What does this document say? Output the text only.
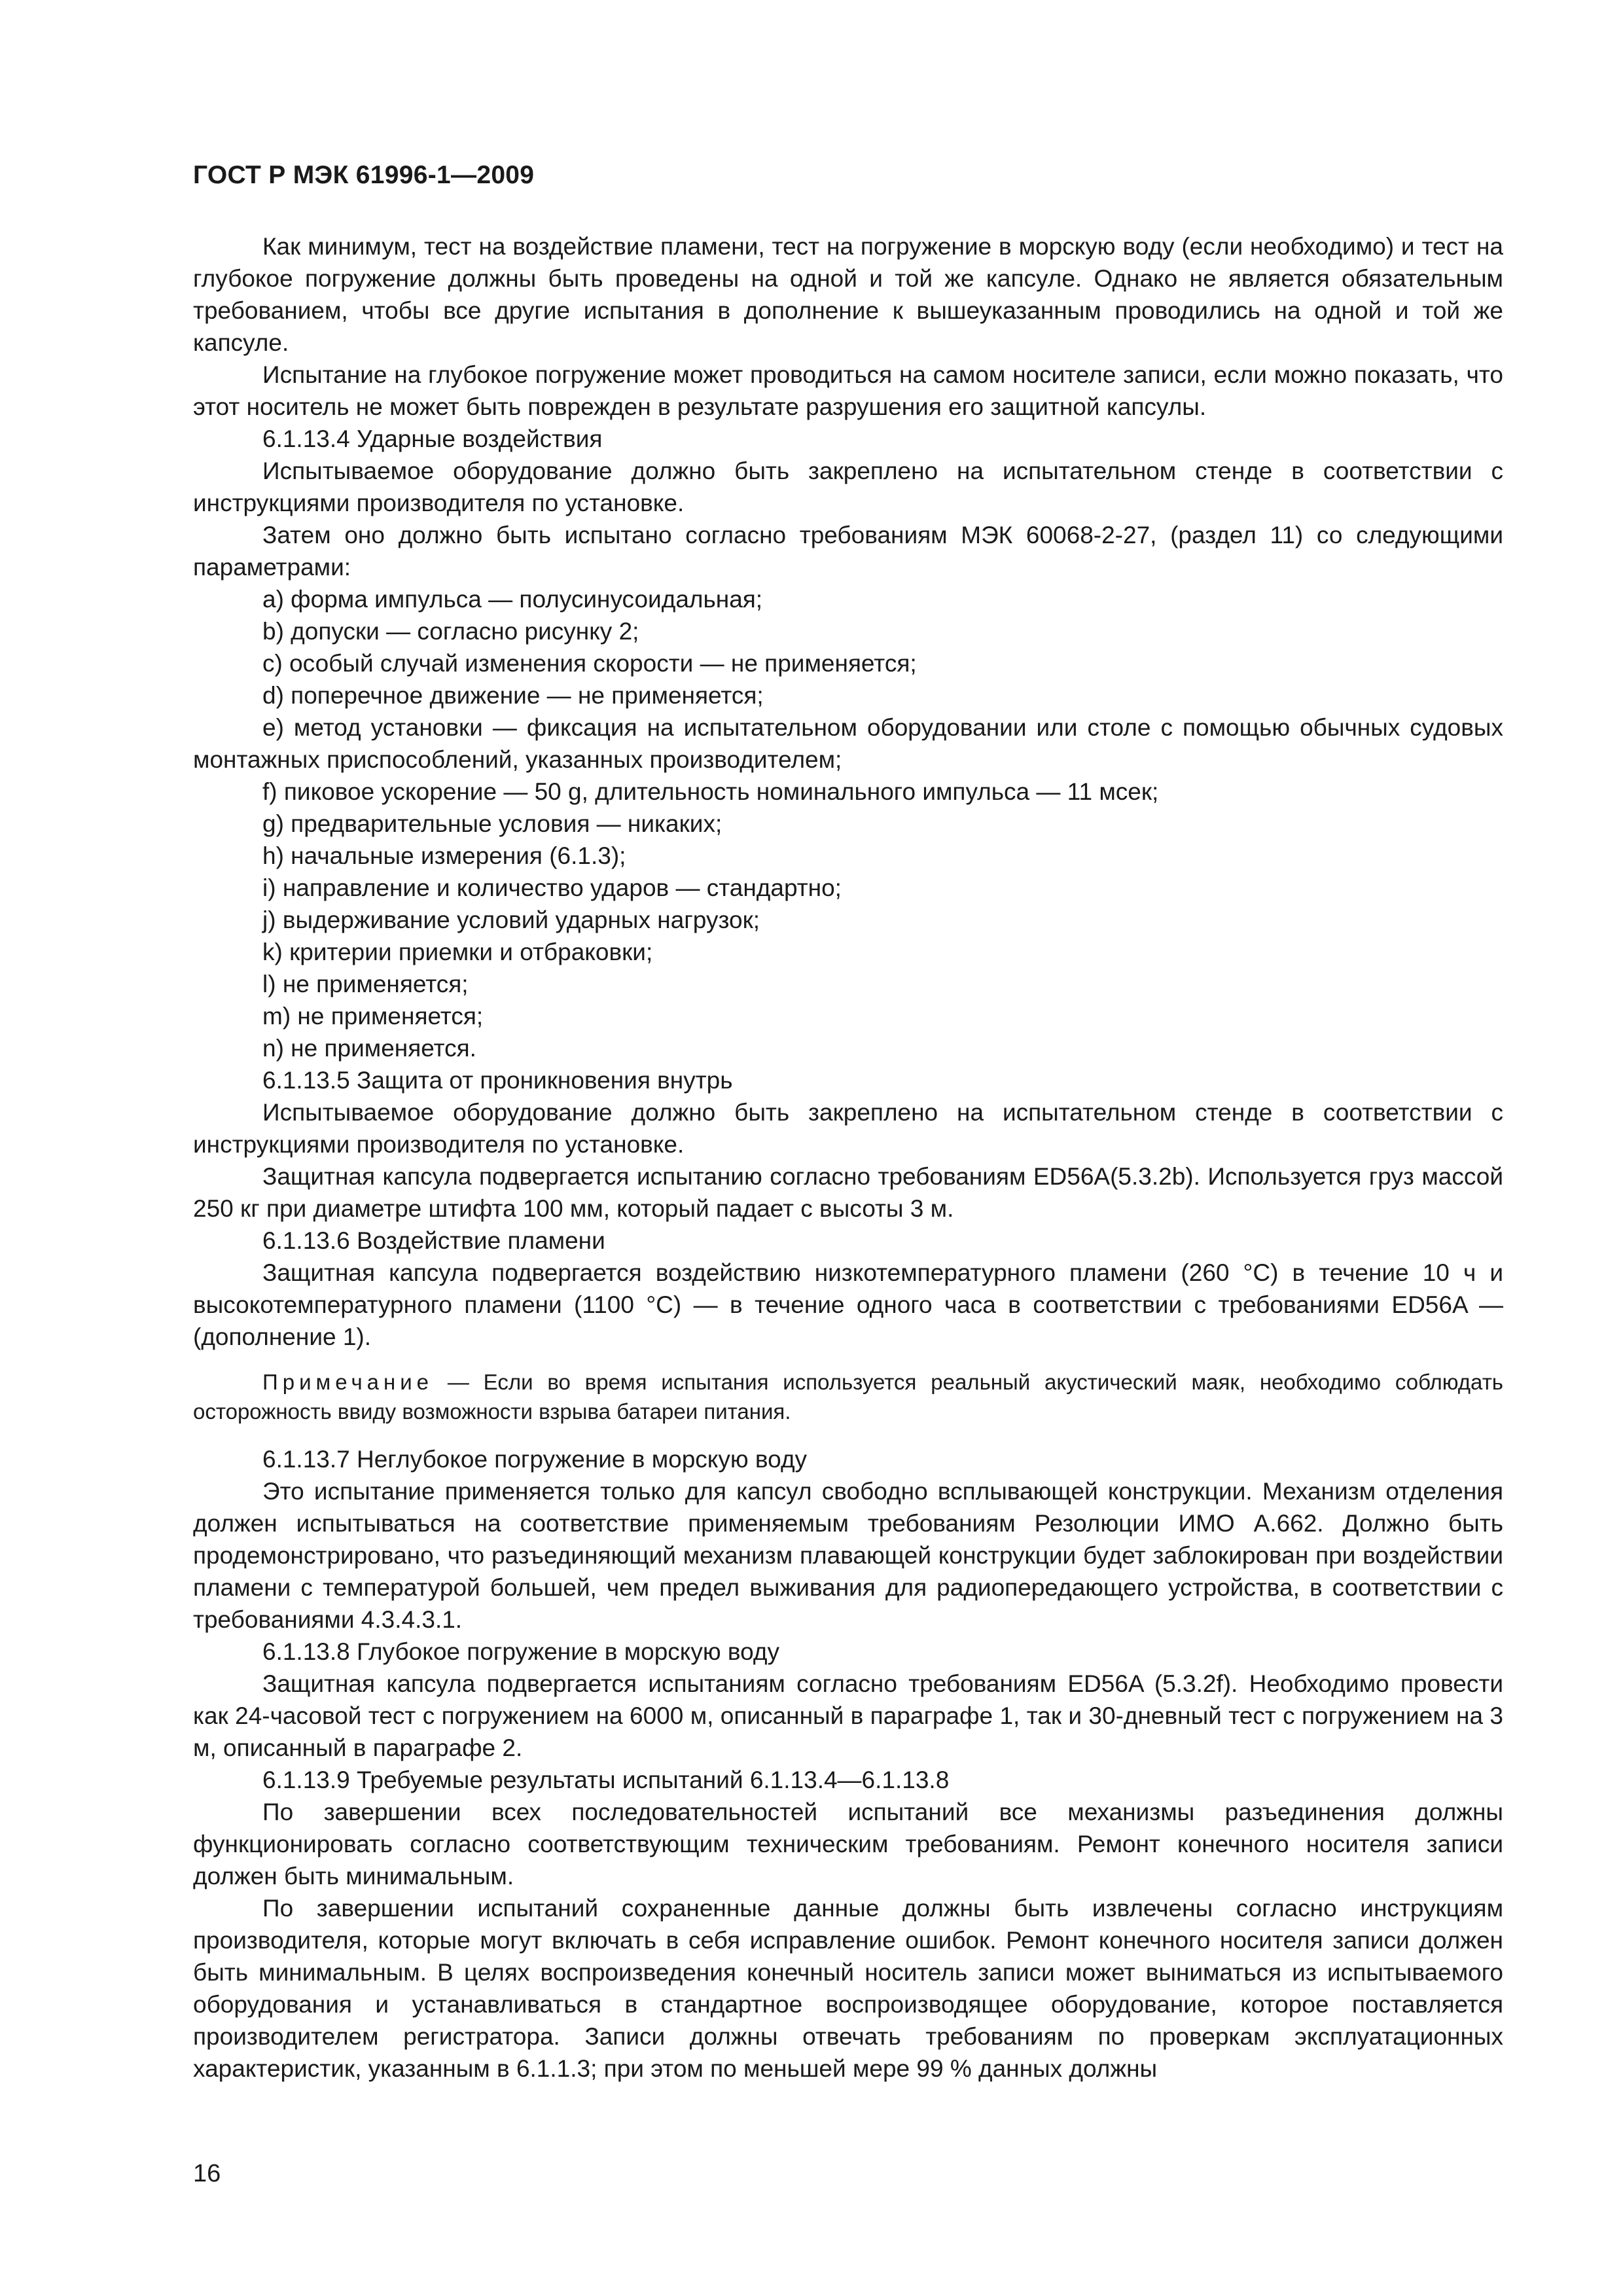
ГОСТ Р МЭК 61996-1—2009

Как минимум, тест на воздействие пламени, тест на погружение в морскую воду (если необходимо) и тест на глубокое погружение должны быть проведены на одной и той же капсуле. Однако не является обязательным требованием, чтобы все другие испытания в дополнение к вышеуказанным проводились на одной и той же капсуле.

Испытание на глубокое погружение может проводиться на самом носителе записи, если можно показать, что этот носитель не может быть поврежден в результате разрушения его защитной капсулы.

6.1.13.4 Ударные воздействия

Испытываемое оборудование должно быть закреплено на испытательном стенде в соответствии с инструкциями производителя по установке.

Затем оно должно быть испытано согласно требованиям МЭК 60068-2-27, (раздел 11) со следующими параметрами:

a) форма импульса — полусинусоидальная;

b) допуски — согласно рисунку 2;

c) особый случай изменения скорости — не применяется;

d) поперечное движение — не применяется;

e) метод установки — фиксация на испытательном оборудовании или столе с помощью обычных судовых монтажных приспособлений, указанных производителем;

f) пиковое ускорение — 50 g, длительность номинального импульса — 11 мсек;

g) предварительные условия — никаких;

h) начальные измерения (6.1.3);

i) направление и количество ударов — стандартно;

j) выдерживание условий ударных нагрузок;

k) критерии приемки и отбраковки;

l) не применяется;

m) не применяется;

n) не применяется.

6.1.13.5 Защита от проникновения внутрь

Испытываемое оборудование должно быть закреплено на испытательном стенде в соответствии с инструкциями производителя по установке.

Защитная капсула подвергается испытанию согласно требованиям ED56A(5.3.2b). Используется груз массой 250 кг при диаметре штифта 100 мм, который падает с высоты 3 м.

6.1.13.6 Воздействие пламени

Защитная капсула подвергается воздействию низкотемпературного пламени (260 °C) в течение 10 ч и высокотемпературного пламени (1100 °C) — в течение одного часа в соответствии с требованиями ED56A — (дополнение 1).

Примечание — Если во время испытания используется реальный акустический маяк, необходимо соблюдать осторожность ввиду возможности взрыва батареи питания.

6.1.13.7 Неглубокое погружение в морскую воду

Это испытание применяется только для капсул свободно всплывающей конструкции. Механизм отделения должен испытываться на соответствие применяемым требованиям Резолюции ИМО А.662. Должно быть продемонстрировано, что разъединяющий механизм плавающей конструкции будет заблокирован при воздействии пламени с температурой большей, чем предел выживания для радиопередающего устройства, в соответствии с требованиями 4.3.4.3.1.

6.1.13.8 Глубокое погружение в морскую воду

Защитная капсула подвергается испытаниям согласно требованиям ED56A (5.3.2f). Необходимо провести как 24-часовой тест с погружением на 6000 м, описанный в параграфе 1, так и 30-дневный тест с погружением на 3 м, описанный в параграфе 2.

6.1.13.9 Требуемые результаты испытаний 6.1.13.4—6.1.13.8

По завершении всех последовательностей испытаний все механизмы разъединения должны функционировать согласно соответствующим техническим требованиям. Ремонт конечного носителя записи должен быть минимальным.

По завершении испытаний сохраненные данные должны быть извлечены согласно инструкциям производителя, которые могут включать в себя исправление ошибок. Ремонт конечного носителя записи должен быть минимальным. В целях воспроизведения конечный носитель записи может выниматься из испытываемого оборудования и устанавливаться в стандартное воспроизводящее оборудование, которое поставляется производителем регистратора. Записи должны отвечать требованиям по проверкам эксплуатационных характеристик, указанным в 6.1.1.3; при этом по меньшей мере 99 % данных должны

16
